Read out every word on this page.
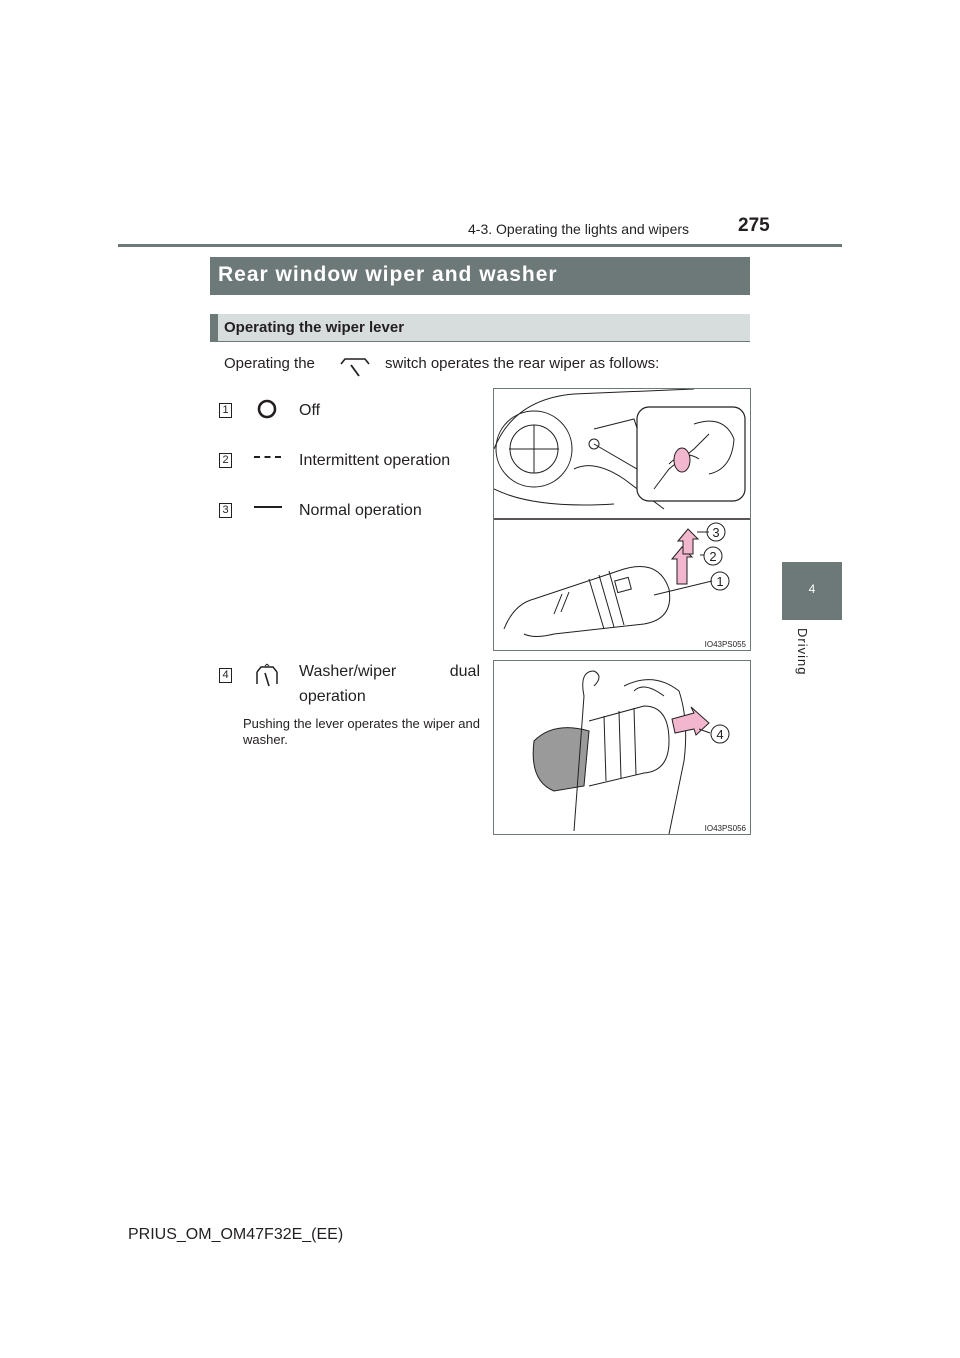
4-3. Operating the lights and wipers	275
4
Driving
Rear window wiper and washer
Operating the wiper lever
Operating the	switch operates the rear wiper as follows:
1	Off
2	Intermittent operation
3	Normal operation
4	Washer/wiper dual
operation
Pushing the lever operates the wiper and washer.
3
2
1
IO43PS055
4
IO43PS056
PRIUS_OM_OM47F32E_(EE)
